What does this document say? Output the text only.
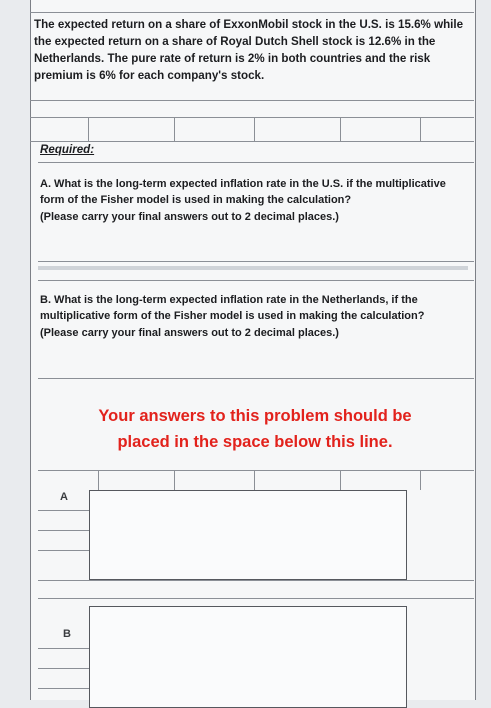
The expected return on a share of ExxonMobil stock in the U.S. is 15.6% while the expected return on a share of Royal Dutch Shell stock is 12.6% in the Netherlands. The pure rate of return is 2% in both countries and the risk premium is 6% for each company's stock.
Required:
A. What is the long-term expected inflation rate in the U.S. if the multiplicative form of the Fisher model is used in making the calculation?
(Please carry your final answers out to 2 decimal places.)
B. What is the long-term expected inflation rate in the Netherlands, if the multiplicative form of the Fisher model is used in making the calculation?
(Please carry your final answers out to 2 decimal places.)
Your answers to this problem should be
placed in the space below this line.
A
B
